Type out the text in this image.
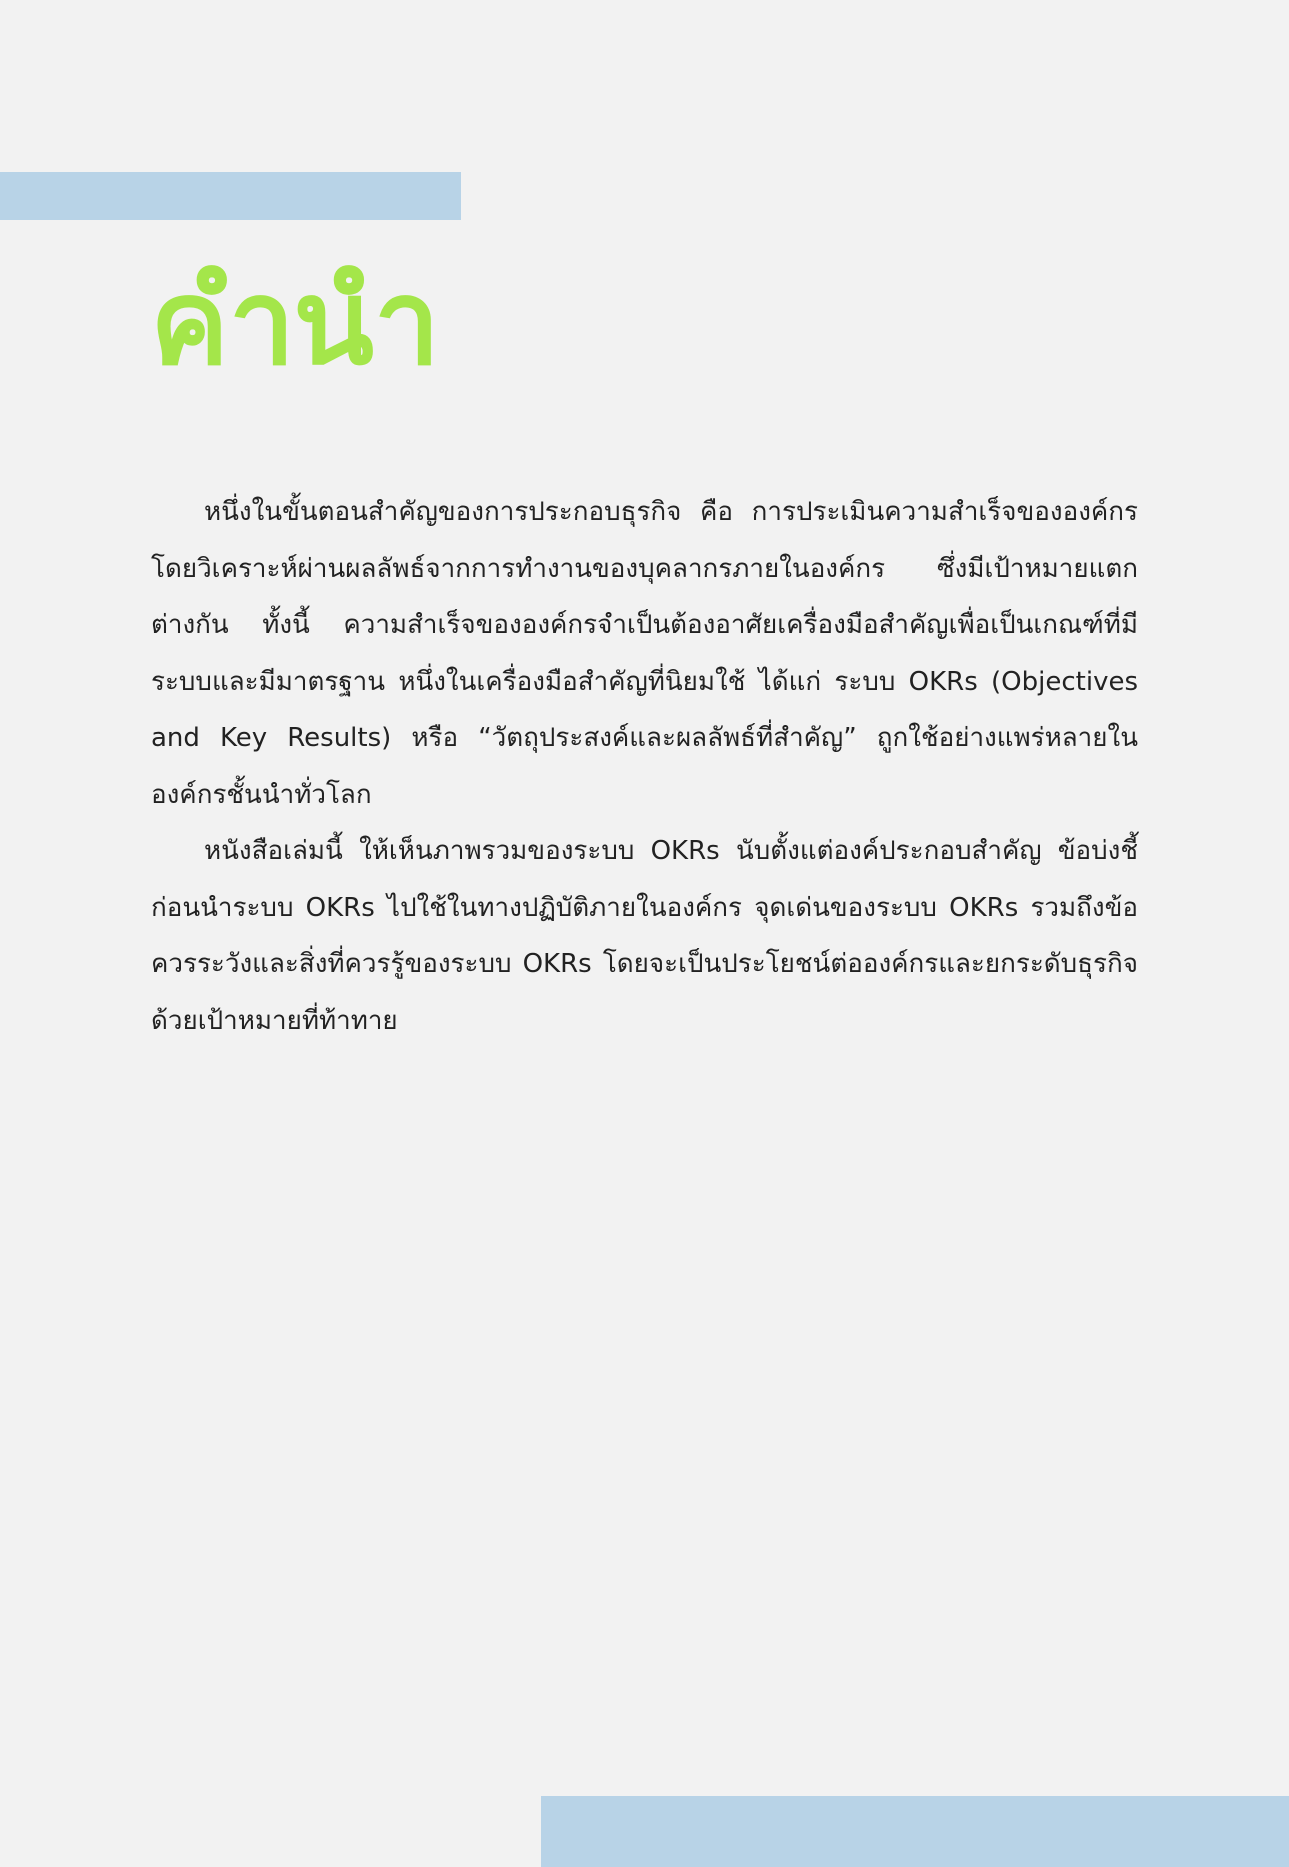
คำนำ

หนึ่งในขั้นตอนสำคัญของการประกอบธุรกิจ คือ การประเมินความสำเร็จขององค์กร โดยวิเคราะห์ผ่านผลลัพธ์จากการทำงานของบุคลากรภายในองค์กร ซึ่งมีเป้าหมายแตกต่างกัน ทั้งนี้ ความสำเร็จขององค์กรจำเป็นต้องอาศัยเครื่องมือสำคัญเพื่อเป็นเกณฑ์ที่มีระบบและมีมาตรฐาน หนึ่งในเครื่องมือสำคัญที่นิยมใช้ ได้แก่ ระบบ OKRs (Objectives and Key Results) หรือ “วัตถุประสงค์และผลลัพธ์ที่สำคัญ” ถูกใช้อย่างแพร่หลายในองค์กรชั้นนำทั่วโลก

หนังสือเล่มนี้ ให้เห็นภาพรวมของระบบ OKRs นับตั้งแต่องค์ประกอบสำคัญ ข้อบ่งชี้ก่อนนำระบบ OKRs ไปใช้ในทางปฏิบัติภายในองค์กร จุดเด่นของระบบ OKRs รวมถึงข้อควรระวังและสิ่งที่ควรรู้ของระบบ OKRs โดยจะเป็นประโยชน์ต่อองค์กรและยกระดับธุรกิจด้วยเป้าหมายที่ท้าทาย
